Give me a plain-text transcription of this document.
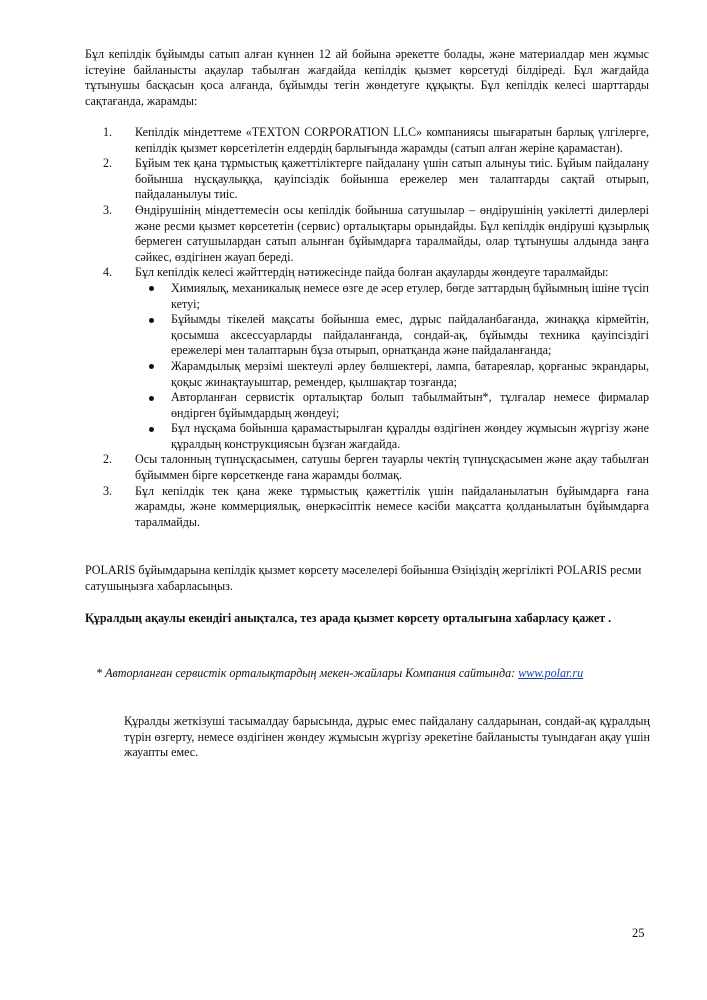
Бұл кепілдік бұйымды сатып алған күннен 12 ай бойына әрекетте болады, және материалдар мен жұмыс істеуіне байланысты ақаулар табылған жағдайда кепілдік қызмет көрсетуді білдіреді. Бұл жағдайда тұтынушы басқасын қоса алғанда, бұйымды тегін жөндетуге құқықты. Бұл кепілдік келесі шарттарды сақтағанда, жарамды:

1.	Кепілдік міндеттеме «TEXTON CORPORATION LLC» компаниясы шығаратын барлық үлгілерге, кепілдік қызмет көрсетілетін елдердің барлығында жарамды (сатып алған жеріне қарамастан).
2.	Бұйым тек қана тұрмыстық қажеттіліктерге пайдалану үшін сатып алынуы тиіс. Бұйым пайдалану бойынша нұсқаулыққа, қауіпсіздік бойынша ережелер мен талаптарды сақтай отырып, пайдаланылуы тиіс.
3.	Өндірушінің міндеттемесін осы кепілдік бойынша сатушылар – өндірушінің уәкілетті дилерлері және ресми қызмет көрсететін (сервис) орталықтары орындайды. Бұл кепілдік өндіруші құзырлық бермеген сатушылардан сатып алынған бұйымдарға таралмайды, олар тұтынушы алдында заңға сәйкес, өздігінен жауап береді.
4.	Бұл кепілдік келесі жәйттердің нәтижесінде пайда болған ақауларды жөндеуге таралмайды:
Химиялық, механикалық немесе өзге де әсер етулер, бөгде заттардың бұйымның ішіне түсіп кетуі;
Бұйымды тікелей мақсаты бойынша емес, дұрыс пайдаланбағанда, жинаққа кірмейтін, қосымша аксессуарларды пайдаланғанда, сондай-ақ, бұйымды техника қауіпсіздігі ережелері мен талаптарын бұза отырып, орнатқанда және пайдаланғанда;
Жарамдылық мерзімі шектеулі әрлеу бөлшектері, лампа, батареялар, қорғаныс экрандары, қоқыс жинақтауыштар, ремендер, қылшақтар тозғанда;
Авторланған сервистік орталықтар болып табылмайтын*, тұлғалар немесе фирмалар өндірген бұйымдардың жөндеуі;
Бұл нұсқама бойынша қарамастырылған құралды өздігінен жөндеу жұмысын жүргізу және құралдың конструкциясын бұзған жағдайда.
2.	Осы талонның түпнұсқасымен, сатушы берген тауарлы чектің түпнұсқасымен және ақау табылған бұйыммен бірге көрсеткенде ғана жарамды болмақ.
3.	Бұл кепілдік тек қана жеке тұрмыстық қажеттілік үшін пайдаланылатын бұйымдарға ғана жарамды, және коммерциялық, өнеркәсіптік немесе кәсіби мақсатта қолданылатын бұйымдарға таралмайды.

POLARIS бұйымдарына кепілдік қызмет көрсету мәселелері бойынша Өзіңіздің жергілікті POLARIS ресми сатушыңызға хабарласыңыз.

Құралдың ақаулы екендігі анықталса, тез арада қызмет көрсету орталығына хабарласу қажет .

* Авторланған сервистік орталықтардың мекен-жайлары Компания сайтында: www.polar.ru

Құралды жеткізуші тасымалдау барысында, дұрыс емес пайдалану салдарынан, сондай-ақ құралдың түрін өзгерту, немесе өздігінен жөндеу жұмысын жүргізу әрекетіне байланысты туындаған ақау үшін жауапты емес.

25
